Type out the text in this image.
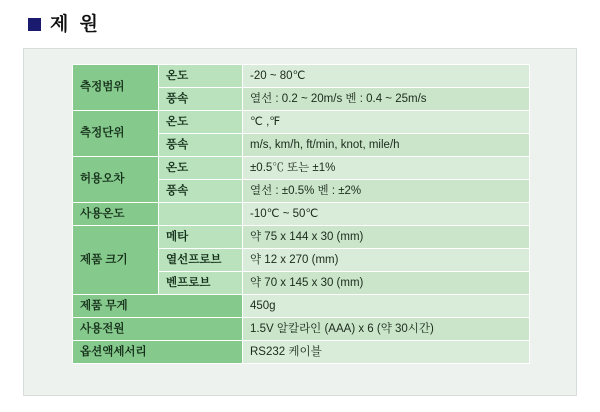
제 원
측정범위	온도	-20 ~ 80℃
	풍속	열선 : 0.2 ~ 20m/s 벤 : 0.4 ~ 25m/s
측정단위	온도	℃ ,℉
	풍속	m/s, km/h, ft/min, knot, mile/h
허용오차	온도	±0.5℃ 또는 ±1%
	풍속	열선 : ±0.5% 벤 : ±2%
사용온도		-10℃ ~ 50℃
제품 크기	메타	약 75 x 144 x 30 (mm)
	열선프로브	약 12 x 270 (mm)
	벤프로브	약 70 x 145 x 30 (mm)
제품 무게		450g
사용전원		1.5V 알칼라인 (AAA) x 6 (약 30시간)
옵션액세서리		RS232 케이블
